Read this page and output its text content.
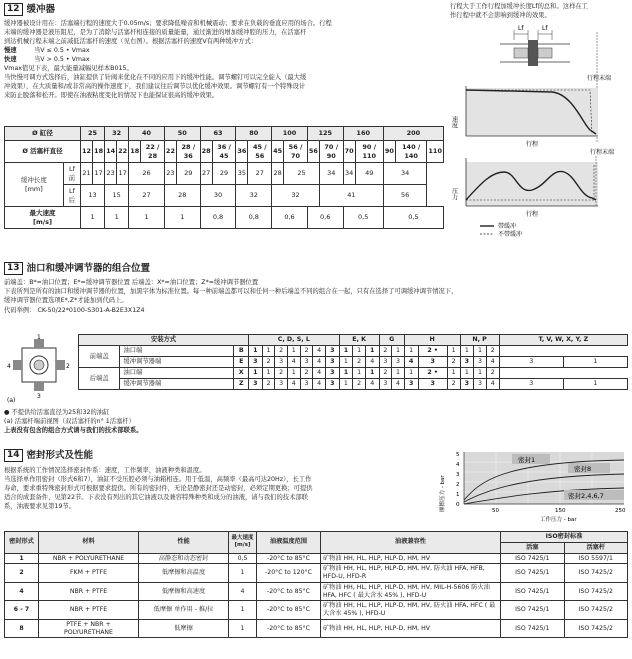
行程大于工作行程加缓冲长度Lf的总和。这样在工
作行程中就不会影响到缓冲的效果。
12 缓冲器
缓冲器被设计用在：活塞端行程的速度大于0.05m/s；要求降低噪音和机械震动；要求在负载的垂直应用的场合。行程
末端的缓冲器是液压阻尼，是为了消除与活塞杆相连接的质量能量，通过渐进的增加缓冲腔的压力，在活塞杆
到达机械行程末端之前减低活塞杆的速度（见右图）。根据活塞杆的速度V有两种缓冲方式：
慢速	当V ≤ 0.5 • Vmax
快速	当V > 0.5 • Vmax
Vmax值见下表，最大能量减幅见样本B015。
当快慢可调方式选择后，油缸提供了针阀来优化在不同的应用下的缓冲性能。调节螺钉可以完全旋入（最大缓
冲效果），在大质量和/或非常高的操作速度下，我们建议往后调节以优化缓冲效果。调节螺钉有一个特殊设计
来防止脱落和松开。即使在油液粘度变化的情况下也能保证很高的缓冲效果。
Ø 缸径		25		32		40		50		63		80		100		125		160		200		
Ø 活塞杆直径		12	18	14	22	18	22 / 28	22	28 / 36	28	36 / 45	36	45 / 56	45	56 / 70	56	70 / 90	70	90 / 110	90	140 / 140	110

缓冲长度
[mm]	Lf 前	21	17	23	17	26		23	29	27	29	35	27	28	25		34	34	49	34		
	Lf 后	13		15		27		28		30		32		32			41			56		

最大速度
[m/s]		1		1		1		1		0,8		0,8		0,6		0,6		0,5		0,5		
Lf	Lf
行程末端
速度
行程
行程末端
压力
行程
带缓冲
不带缓冲
13 油口和缓冲调节器的组合位置
前端盖：B*=油口位置；E*=缓冲调节器位置 后端盖：X*=油口位置；Z*=缓冲调节器位置
下表所列是所有的油口和缓冲调节器的位置，加黑字体为标准位置。每一种前端盖都可以和任何一种后端盖不同的组合在一起，只有在选择了可调缓冲调节情况下，
缓冲调节器位置选项E*,Z*才能加到代码上。
代码举例： CK-50/22*0100-S301-A-B2E3X1Z4
1
2
3
4
(a)
安装方式			C, D, S, L							E, K			G		H			N, P			T, V, W, X, Y, Z	
前端盖	油口端	B	1	1	2	1	2	4	3	1	1	1	2	1	1	2 •	1	1	1	2		
	缓冲调节器端	E	3	2	3	4	3	4	3	1	2	4	3	3	4	3	2	3	3	4	3	1
后端盖	油口端	X	1	1	2	1	2	4	3	1	1	1	2	1	1	2 •	1	1	1	2		
	缓冲调节器端	Z	3	2	3	4	3	4	3	1	2	4	3	4	3	3	2	3	3	4	3	1
● 不提供给活塞直径为25和32的油缸
(a) 活塞杆端前视图（双活塞杆的n° 1活塞杆）
上表没有包含的组合方式请与我们的技术部联系。
14 密封形式及性能
根据系统的工作情况选择密封件系：速度，工作频率，油液种类和温度。
当选择单作用密封（形式6和7），油缸不受压腔必须与油箱相连。用于低温，高频率（最高可达20Hz），长工作
寿命，要求重特殊密封形式可根据要求提供。所有的密封件，无论是静密封还是动密封，必须定期更换；可提供
适合的成套备件，见第22节。下表没有列出的其它油液以及兼容特殊种类和成分的油液，请与我们的技术部联
系，油液要求见第19节。	摩擦压力 - bar
5
4
3
2
1
0
密封1
密封8
密封2,4,6,7
50	150	250
工作压力 - bar
密封形式	材料	性能	最大速度[m/s]	油液温度范围	油液兼容性	ISO密封标准	
						活塞	活塞杆
1	NBR + POLYURETHANE	高静态和动态密封	0,5	-20°C to 85°C	矿物油 HH, HL, HLP, HLP-D, HM, HV	ISO 7425/1	ISO 5597/1
2	FKM + PTFE	低摩擦和高温度	1	-20°C to 120°C	矿物油 HH, HL, HLP, HLP-D, HM, HV, 防火油 HFA, HFB, HFD-U, HFD-R	ISO 7425/1	ISO 7425/2
4	NBR + PTFE	低摩擦和高速度	4	-20°C to 85°C	矿物油 HH, HL, HLP, HLP-D, HM, HV, MIL-H-5606 防火油 HFA, HFC ( 最大含水 45% ), HFD-U	ISO 7425/1	ISO 7425/2
6 - 7	NBR + PTFE	低摩擦 单作用 - 推/拉	1	-20°C to 85°C	矿物油 HH, HL, HLP, HLP-D, HM, HV, 防火油 HFA, HFC ( 最大含水 45% ), HFD-U	ISO 7425/1	ISO 7425/2
8	PTFE + NBR + POLYURETHANE	低摩擦	1	-20°C to 85°C	矿物油 HH, HL, HLP, HLP-D, HM, HV	ISO 7425/1	ISO 7425/2
